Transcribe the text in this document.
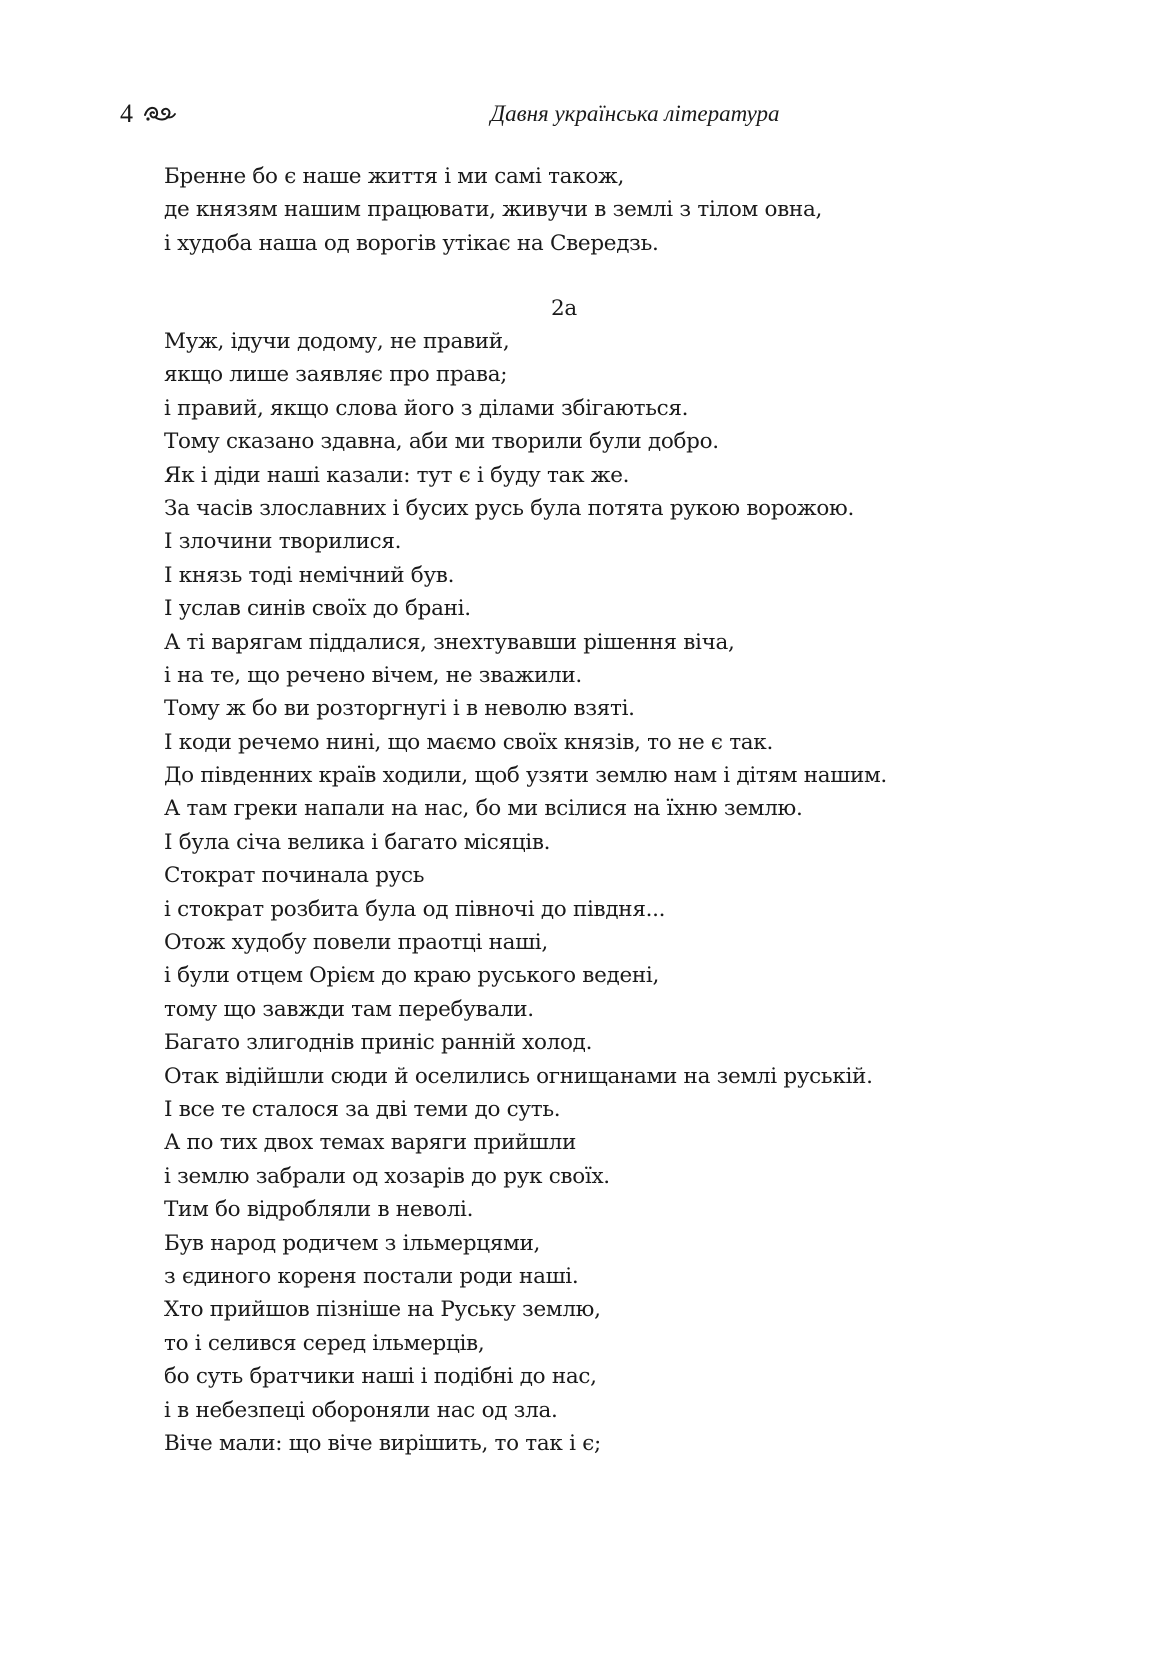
4	Давня українська література
Бренне бо є наше життя і ми самі також,
де князям нашим працювати, живучи в землі з тілом овна,
і худоба наша од ворогів утікає на Свередзь.
2а
Муж, ідучи додому, не правий,
якщо лише заявляє про права;
і правий, якщо слова його з ділами збігаються.
Тому сказано здавна, аби ми творили були добро.
Як і діди наші казали: тут є і буду так же.
За часів злославних і бусих русь була потята рукою ворожою.
І злочини творилися.
І князь тоді немічний був.
І услав синів своїх до брані.
А ті варягам піддалися, знехтувавши рішення віча,
і на те, що речено вічем, не зважили.
Тому ж бо ви розторгнугі і в неволю взяті.
І коди речемо нині, що маємо своїх князів, то не є так.
До південних країв ходили, щоб узяти землю нам і дітям нашим.
А там греки напали на нас, бо ми всілися на їхню землю.
І була січа велика і багато місяців.
Стократ починала русь
і стократ розбита була од півночі до півдня...
Отож худобу повели праотці наші,
і були отцем Орієм до краю руського ведені,
тому що завжди там перебували.
Багато злигоднів приніс ранній холод.
Отак відійшли сюди й оселились огнищанами на землі руській.
І все те сталося за дві теми до суть.
А по тих двох темах варяги прийшли
і землю забрали од хозарів до рук своїх.
Тим бо відробляли в неволі.
Був народ родичем з ільмерцями,
з єдиного кореня постали роди наші.
Хто прийшов пізніше на Руську землю,
то і селився серед ільмерців,
бо суть братчики наші і подібні до нас,
і в небезпеці обороняли нас од зла.
Віче мали: що віче вирішить, то так і є;
